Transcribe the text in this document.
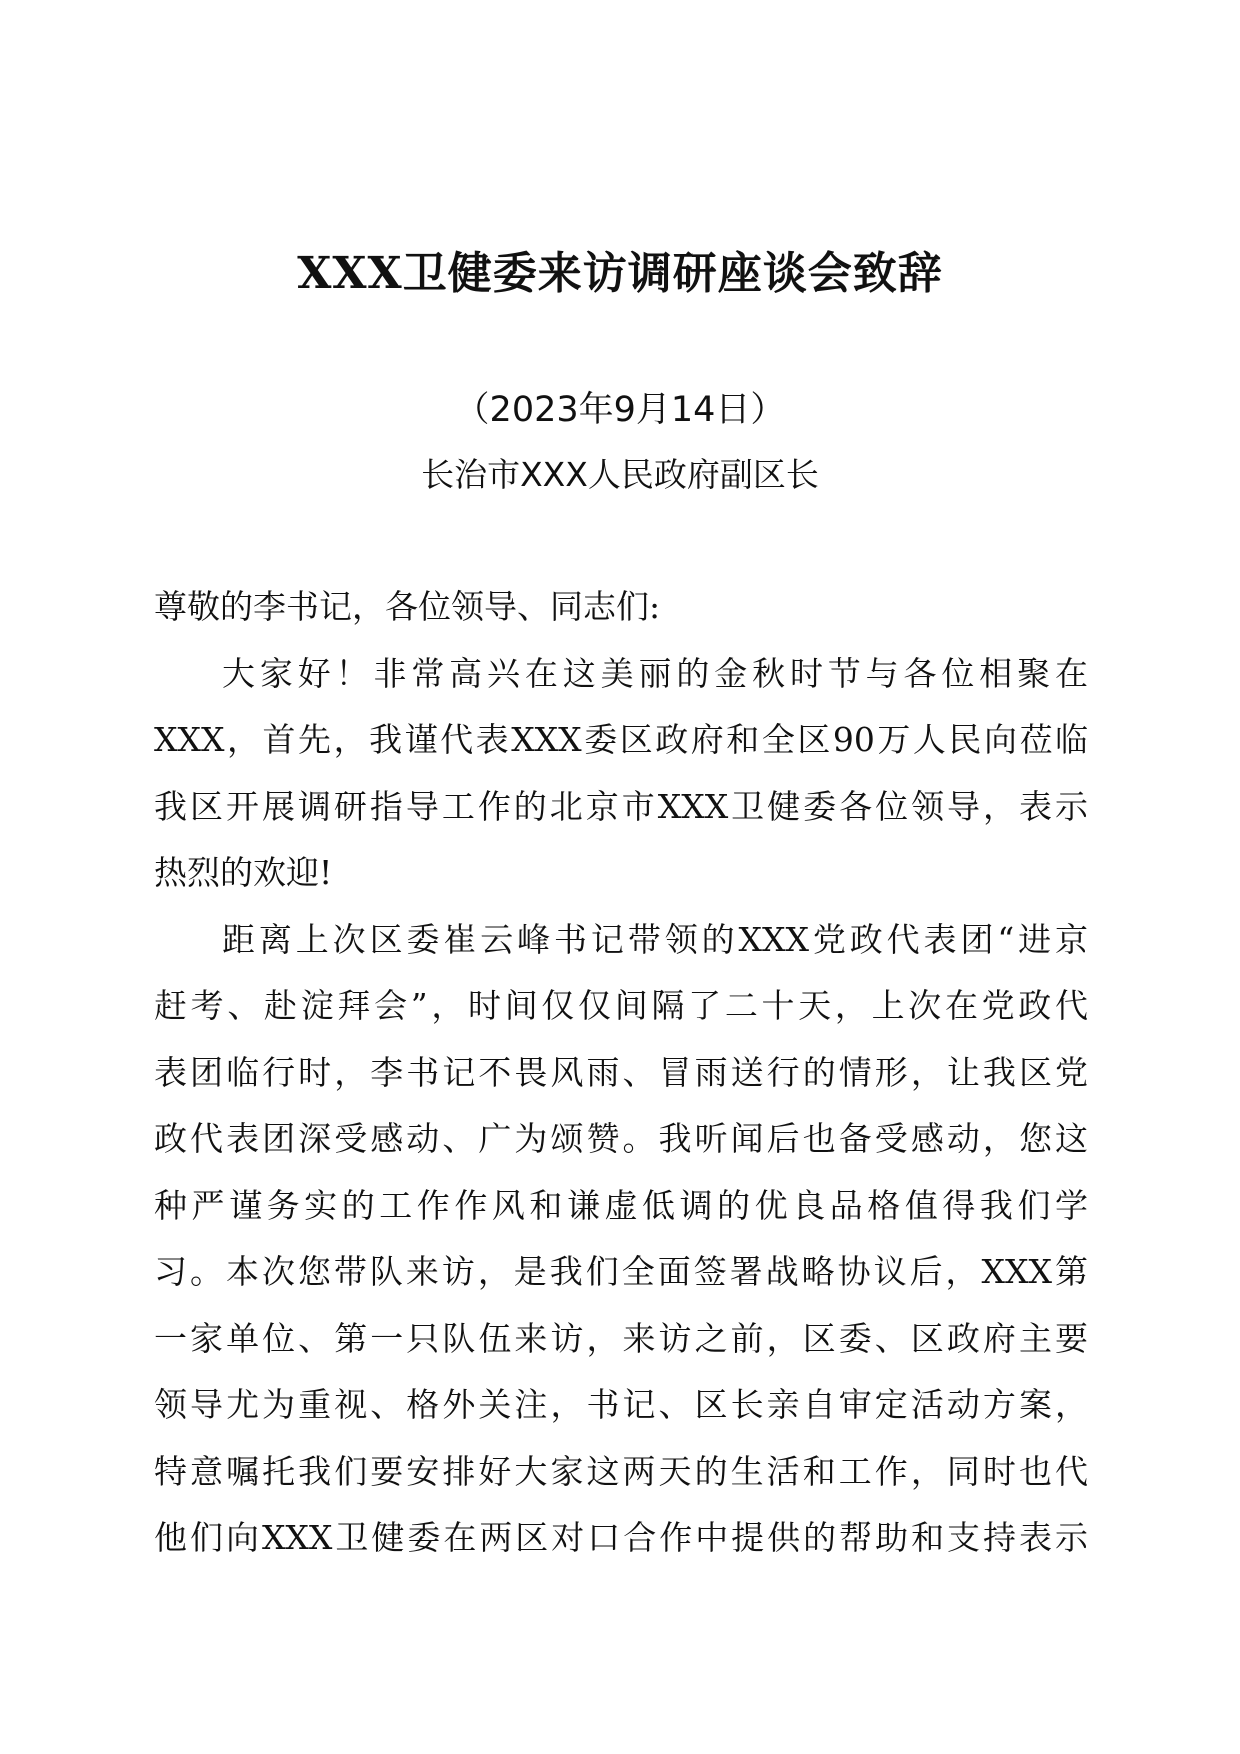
XXX卫健委来访调研座谈会致辞
（2023年9月14日）
长治市XXX人民政府副区长
尊敬的李书记，各位领导、同志们:
大家好！非常高兴在这美丽的金秋时节与各位相聚在
XXX，首先，我谨代表XXX委区政府和全区90万人民向莅临
我区开展调研指导工作的北京市XXX卫健委各位领导，表示
热烈的欢迎!
距离上次区委崔云峰书记带领的XXX党政代表团“进京
赶考、赴淀拜会”，时间仅仅间隔了二十天，上次在党政代
表团临行时，李书记不畏风雨、冒雨送行的情形，让我区党
政代表团深受感动、广为颂赞。我听闻后也备受感动，您这
种严谨务实的工作作风和谦虚低调的优良品格值得我们学
习。本次您带队来访，是我们全面签署战略协议后，XXX第
一家单位、第一只队伍来访，来访之前，区委、区政府主要
领导尤为重视、格外关注，书记、区长亲自审定活动方案，
特意嘱托我们要安排好大家这两天的生活和工作，同时也代
他们向XXX卫健委在两区对口合作中提供的帮助和支持表示
